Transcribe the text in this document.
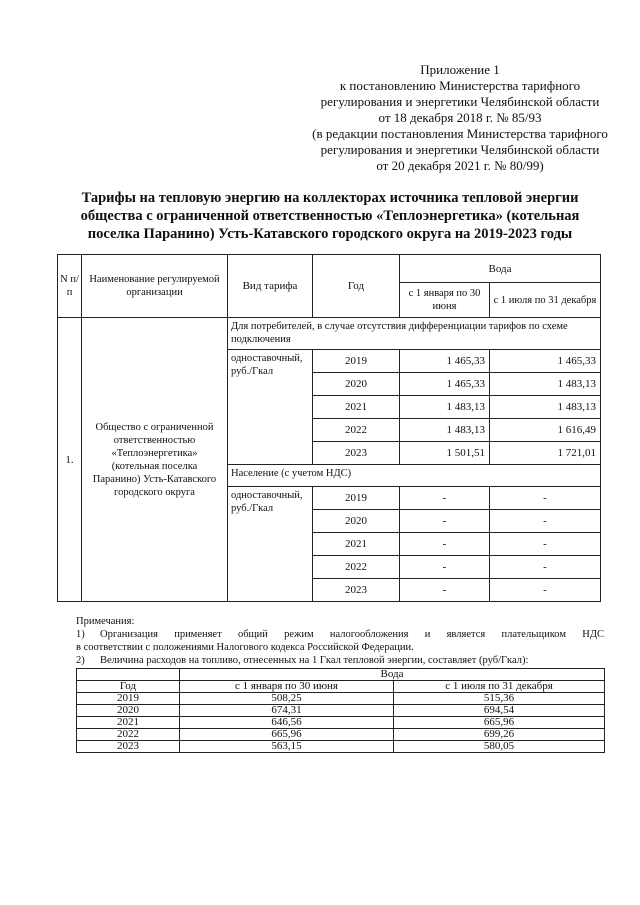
Приложение 1
к постановлению Министерства тарифного
регулирования и энергетики Челябинской области
от 18 декабря 2018 г. № 85/93
(в редакции постановления Министерства тарифного
регулирования и энергетики Челябинской области
от 20 декабря 2021 г. № 80/99)
Тарифы на тепловую энергию на коллекторах источника тепловой энергии
общества с ограниченной ответственностью «Теплоэнергетика» (котельная
поселка Паранино) Усть-Катавского городского округа на 2019-2023 годы
N п/п	Наименование регулируемой организации	Вид тарифа	Год	Вода	
				с 1 января по 30 июня	с 1 июля по 31 декабря
1.	Общество с ограниченной ответственностью «Теплоэнергетика» (котельная поселка Паранино) Усть-Катавского городского округа	Для потребителей, в случае отсутствия дифференциации тарифов по схеме подключения			
		одноставочный, руб./Гкал	2019	1 465,33	1 465,33
			2020	1 465,33	1 483,13
			2021	1 483,13	1 483,13
			2022	1 483,13	1 616,49
			2023	1 501,51	1 721,01
		Население (с учетом НДС)			
		одноставочный, руб./Гкал	2019	-	-
			2020	-	-
			2021	-	-
			2022	-	-
			2023	-	-
Примечания:
1)	Организация применяет общий режим налогообложения и является плательщиком НДС
в соответствии с положениями Налогового кодекса Российской Федерации.
2)	Величина расходов на топливо, отнесенных на 1 Гкал тепловой энергии, составляет (руб/Гкал):
	Вода	
Год	с 1 января по 30 июня	с 1 июля по 31 декабря
2019	508,25	515,36
2020	674,31	694,54
2021	646,56	665,96
2022	665,96	699,26
2023	563,15	580,05
